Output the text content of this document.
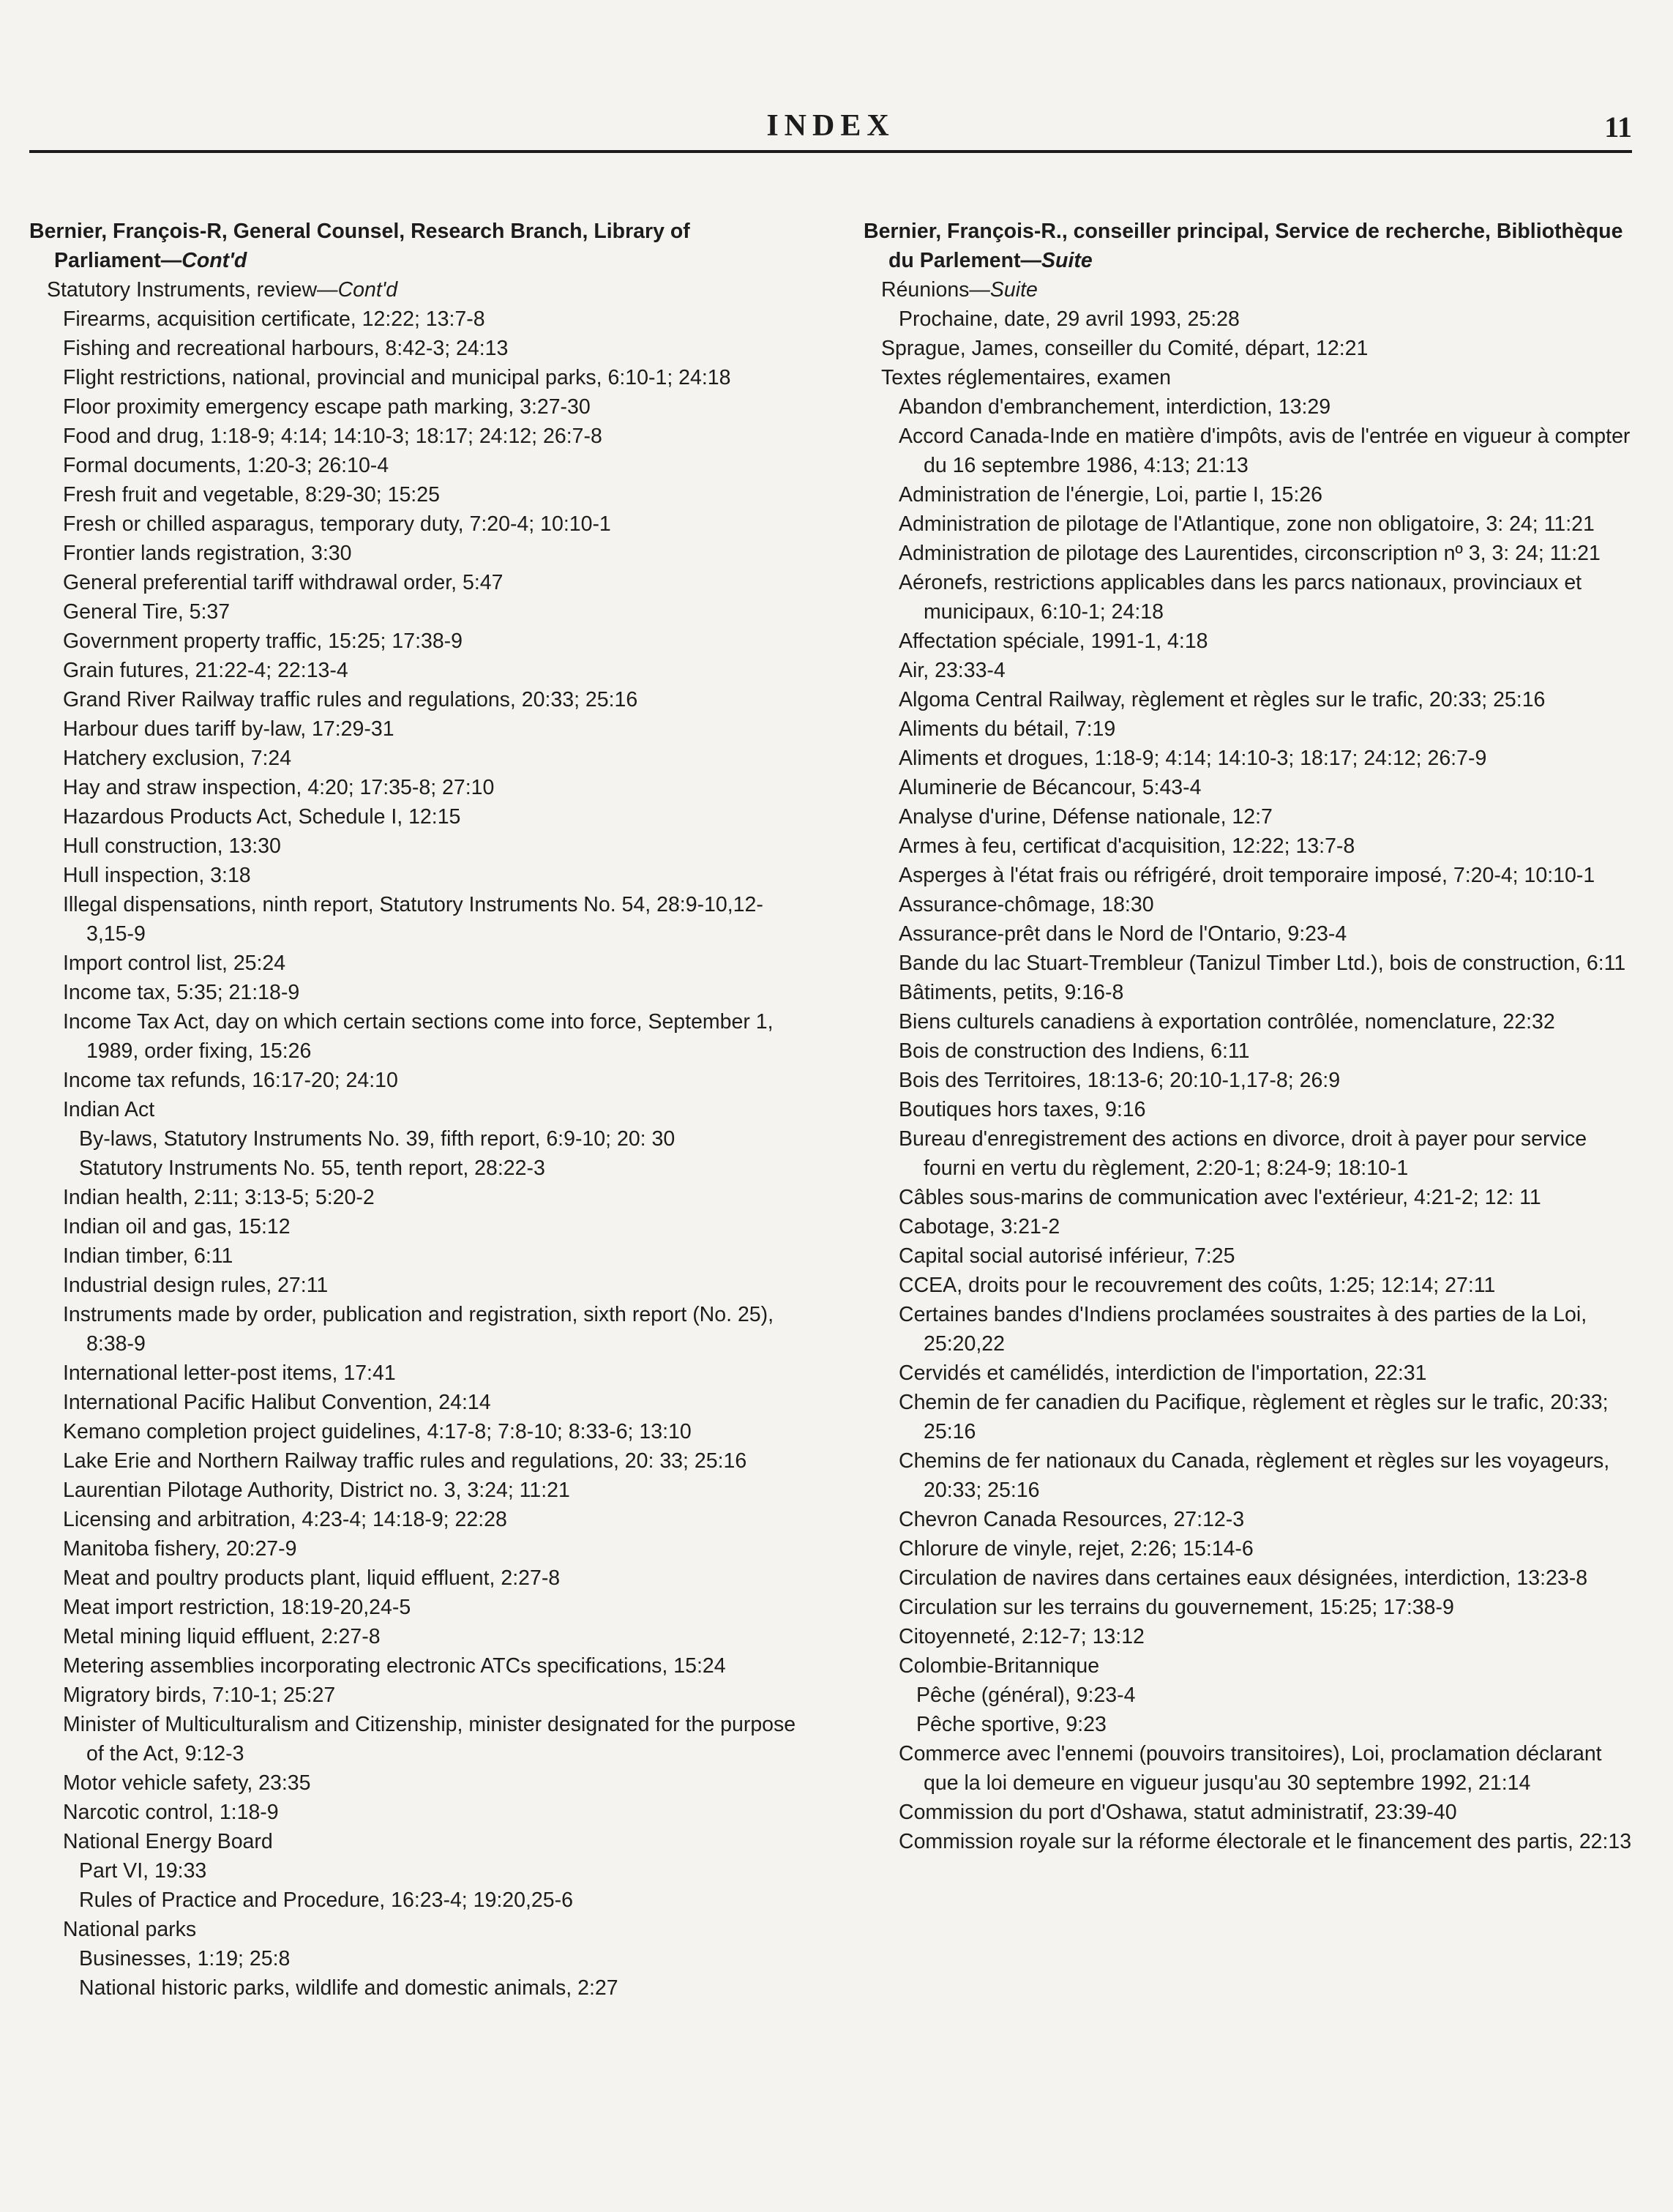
INDEX	11

Bernier, François-R, General Counsel, Research Branch, Library of Parliament—Cont'd

Statutory Instruments, review—Cont'd

Firearms, acquisition certificate, 12:22; 13:7-8

Fishing and recreational harbours, 8:42-3; 24:13

Flight restrictions, national, provincial and municipal parks, 6:10-1; 24:18

Floor proximity emergency escape path marking, 3:27-30

Food and drug, 1:18-9; 4:14; 14:10-3; 18:17; 24:12; 26:7-8

Formal documents, 1:20-3; 26:10-4

Fresh fruit and vegetable, 8:29-30; 15:25

Fresh or chilled asparagus, temporary duty, 7:20-4; 10:10-1

Frontier lands registration, 3:30

General preferential tariff withdrawal order, 5:47

General Tire, 5:37

Government property traffic, 15:25; 17:38-9

Grain futures, 21:22-4; 22:13-4

Grand River Railway traffic rules and regulations, 20:33; 25:16

Harbour dues tariff by-law, 17:29-31

Hatchery exclusion, 7:24

Hay and straw inspection, 4:20; 17:35-8; 27:10

Hazardous Products Act, Schedule I, 12:15

Hull construction, 13:30

Hull inspection, 3:18

Illegal dispensations, ninth report, Statutory Instruments No. 54, 28:9-10,12-3,15-9

Import control list, 25:24

Income tax, 5:35; 21:18-9

Income Tax Act, day on which certain sections come into force, September 1, 1989, order fixing, 15:26

Income tax refunds, 16:17-20; 24:10

Indian Act

By-laws, Statutory Instruments No. 39, fifth report, 6:9-10; 20: 30

Statutory Instruments No. 55, tenth report, 28:22-3

Indian health, 2:11; 3:13-5; 5:20-2

Indian oil and gas, 15:12

Indian timber, 6:11

Industrial design rules, 27:11

Instruments made by order, publication and registration, sixth report (No. 25), 8:38-9

International letter-post items, 17:41

International Pacific Halibut Convention, 24:14

Kemano completion project guidelines, 4:17-8; 7:8-10; 8:33-6; 13:10

Lake Erie and Northern Railway traffic rules and regulations, 20: 33; 25:16

Laurentian Pilotage Authority, District no. 3, 3:24; 11:21

Licensing and arbitration, 4:23-4; 14:18-9; 22:28

Manitoba fishery, 20:27-9

Meat and poultry products plant, liquid effluent, 2:27-8

Meat import restriction, 18:19-20,24-5

Metal mining liquid effluent, 2:27-8

Metering assemblies incorporating electronic ATCs specifications, 15:24

Migratory birds, 7:10-1; 25:27

Minister of Multiculturalism and Citizenship, minister designated for the purpose of the Act, 9:12-3

Motor vehicle safety, 23:35

Narcotic control, 1:18-9

National Energy Board

Part VI, 19:33

Rules of Practice and Procedure, 16:23-4; 19:20,25-6

National parks

Businesses, 1:19; 25:8

National historic parks, wildlife and domestic animals, 2:27

Bernier, François-R., conseiller principal, Service de recherche, Bibliothèque du Parlement—Suite

Réunions—Suite

Prochaine, date, 29 avril 1993, 25:28

Sprague, James, conseiller du Comité, départ, 12:21

Textes réglementaires, examen

Abandon d'embranchement, interdiction, 13:29

Accord Canada-Inde en matière d'impôts, avis de l'entrée en vigueur à compter du 16 septembre 1986, 4:13; 21:13

Administration de l'énergie, Loi, partie I, 15:26

Administration de pilotage de l'Atlantique, zone non obligatoire, 3: 24; 11:21

Administration de pilotage des Laurentides, circonscription nº 3, 3: 24; 11:21

Aéronefs, restrictions applicables dans les parcs nationaux, provinciaux et municipaux, 6:10-1; 24:18

Affectation spéciale, 1991-1, 4:18

Air, 23:33-4

Algoma Central Railway, règlement et règles sur le trafic, 20:33; 25:16

Aliments du bétail, 7:19

Aliments et drogues, 1:18-9; 4:14; 14:10-3; 18:17; 24:12; 26:7-9

Aluminerie de Bécancour, 5:43-4

Analyse d'urine, Défense nationale, 12:7

Armes à feu, certificat d'acquisition, 12:22; 13:7-8

Asperges à l'état frais ou réfrigéré, droit temporaire imposé, 7:20-4; 10:10-1

Assurance-chômage, 18:30

Assurance-prêt dans le Nord de l'Ontario, 9:23-4

Bande du lac Stuart-Trembleur (Tanizul Timber Ltd.), bois de construction, 6:11

Bâtiments, petits, 9:16-8

Biens culturels canadiens à exportation contrôlée, nomenclature, 22:32

Bois de construction des Indiens, 6:11

Bois des Territoires, 18:13-6; 20:10-1,17-8; 26:9

Boutiques hors taxes, 9:16

Bureau d'enregistrement des actions en divorce, droit à payer pour service fourni en vertu du règlement, 2:20-1; 8:24-9; 18:10-1

Câbles sous-marins de communication avec l'extérieur, 4:21-2; 12: 11

Cabotage, 3:21-2

Capital social autorisé inférieur, 7:25

CCEA, droits pour le recouvrement des coûts, 1:25; 12:14; 27:11

Certaines bandes d'Indiens proclamées soustraites à des parties de la Loi, 25:20,22

Cervidés et camélidés, interdiction de l'importation, 22:31

Chemin de fer canadien du Pacifique, règlement et règles sur le trafic, 20:33; 25:16

Chemins de fer nationaux du Canada, règlement et règles sur les voyageurs, 20:33; 25:16

Chevron Canada Resources, 27:12-3

Chlorure de vinyle, rejet, 2:26; 15:14-6

Circulation de navires dans certaines eaux désignées, interdiction, 13:23-8

Circulation sur les terrains du gouvernement, 15:25; 17:38-9

Citoyenneté, 2:12-7; 13:12

Colombie-Britannique

Pêche (général), 9:23-4

Pêche sportive, 9:23

Commerce avec l'ennemi (pouvoirs transitoires), Loi, proclamation déclarant que la loi demeure en vigueur jusqu'au 30 septembre 1992, 21:14

Commission du port d'Oshawa, statut administratif, 23:39-40

Commission royale sur la réforme électorale et le financement des partis, 22:13
